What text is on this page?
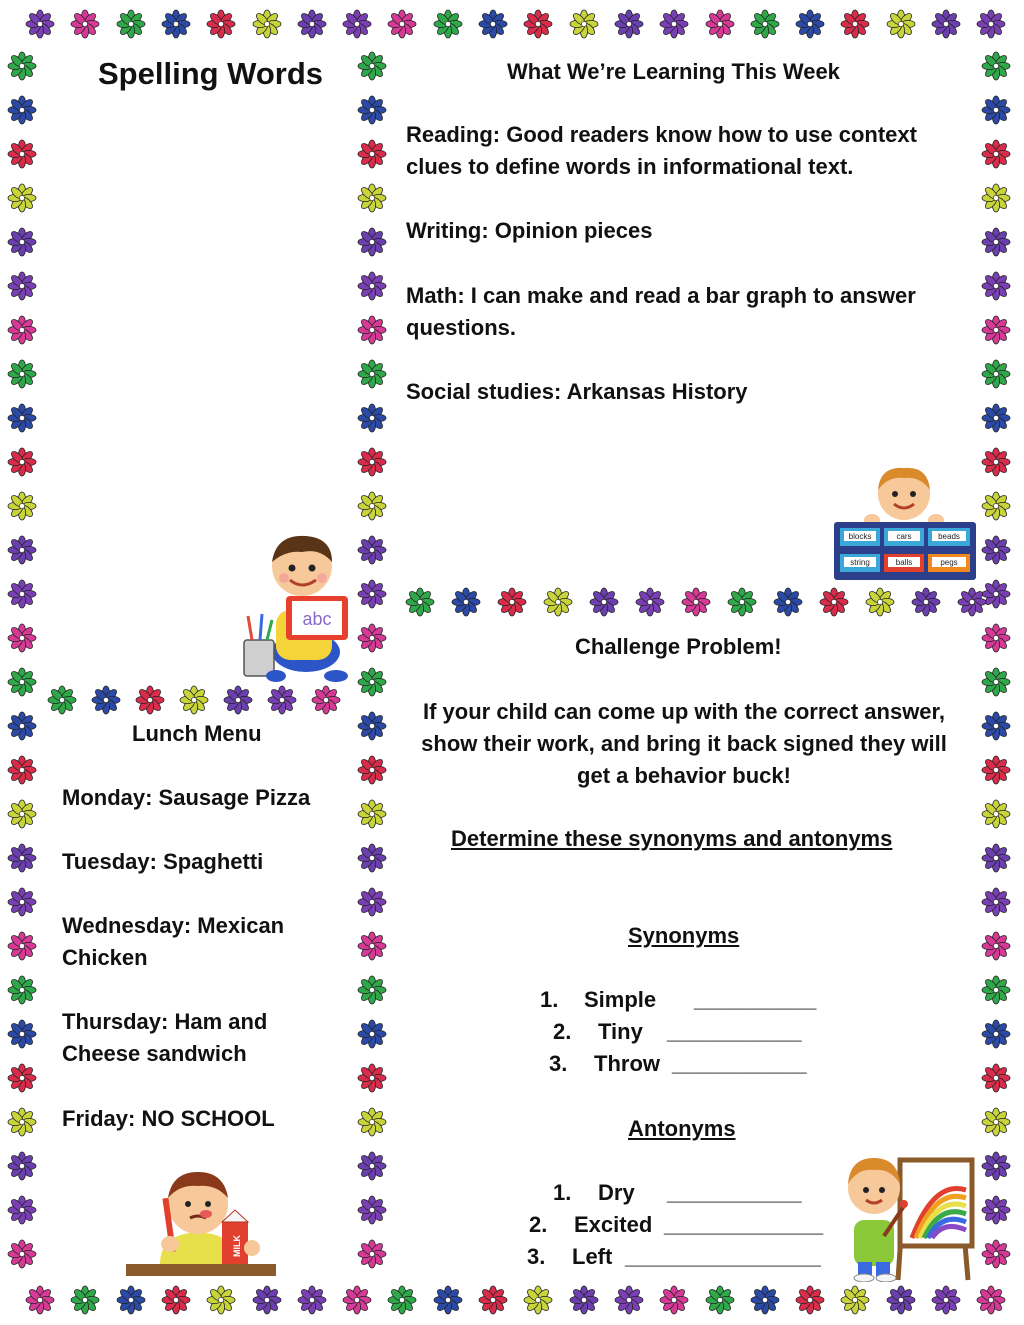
Spelling Words
abc
What We’re Learning This Week
Reading: Good readers know how to use context
clues to define words in informational text.
Writing: Opinion pieces
Math: I can make and read a bar graph to answer
questions.
Social studies: Arkansas History
blocks	cars	beads
string	balls	pegs
Lunch Menu
Monday: Sausage Pizza
Tuesday: Spaghetti
Wednesday: Mexican
Chicken
Thursday: Ham and
Cheese sandwich
Friday: NO SCHOOL
MILK
Challenge Problem!
If your child can come up with the correct answer,
show their work, and bring it back signed they will
get a behavior buck!
Determine these synonyms and antonyms
Synonyms
1. Simple __________
2. Tiny ___________
3. Throw ___________
Antonyms
1. Dry ___________
2. Excited _____________
3. Left ________________
